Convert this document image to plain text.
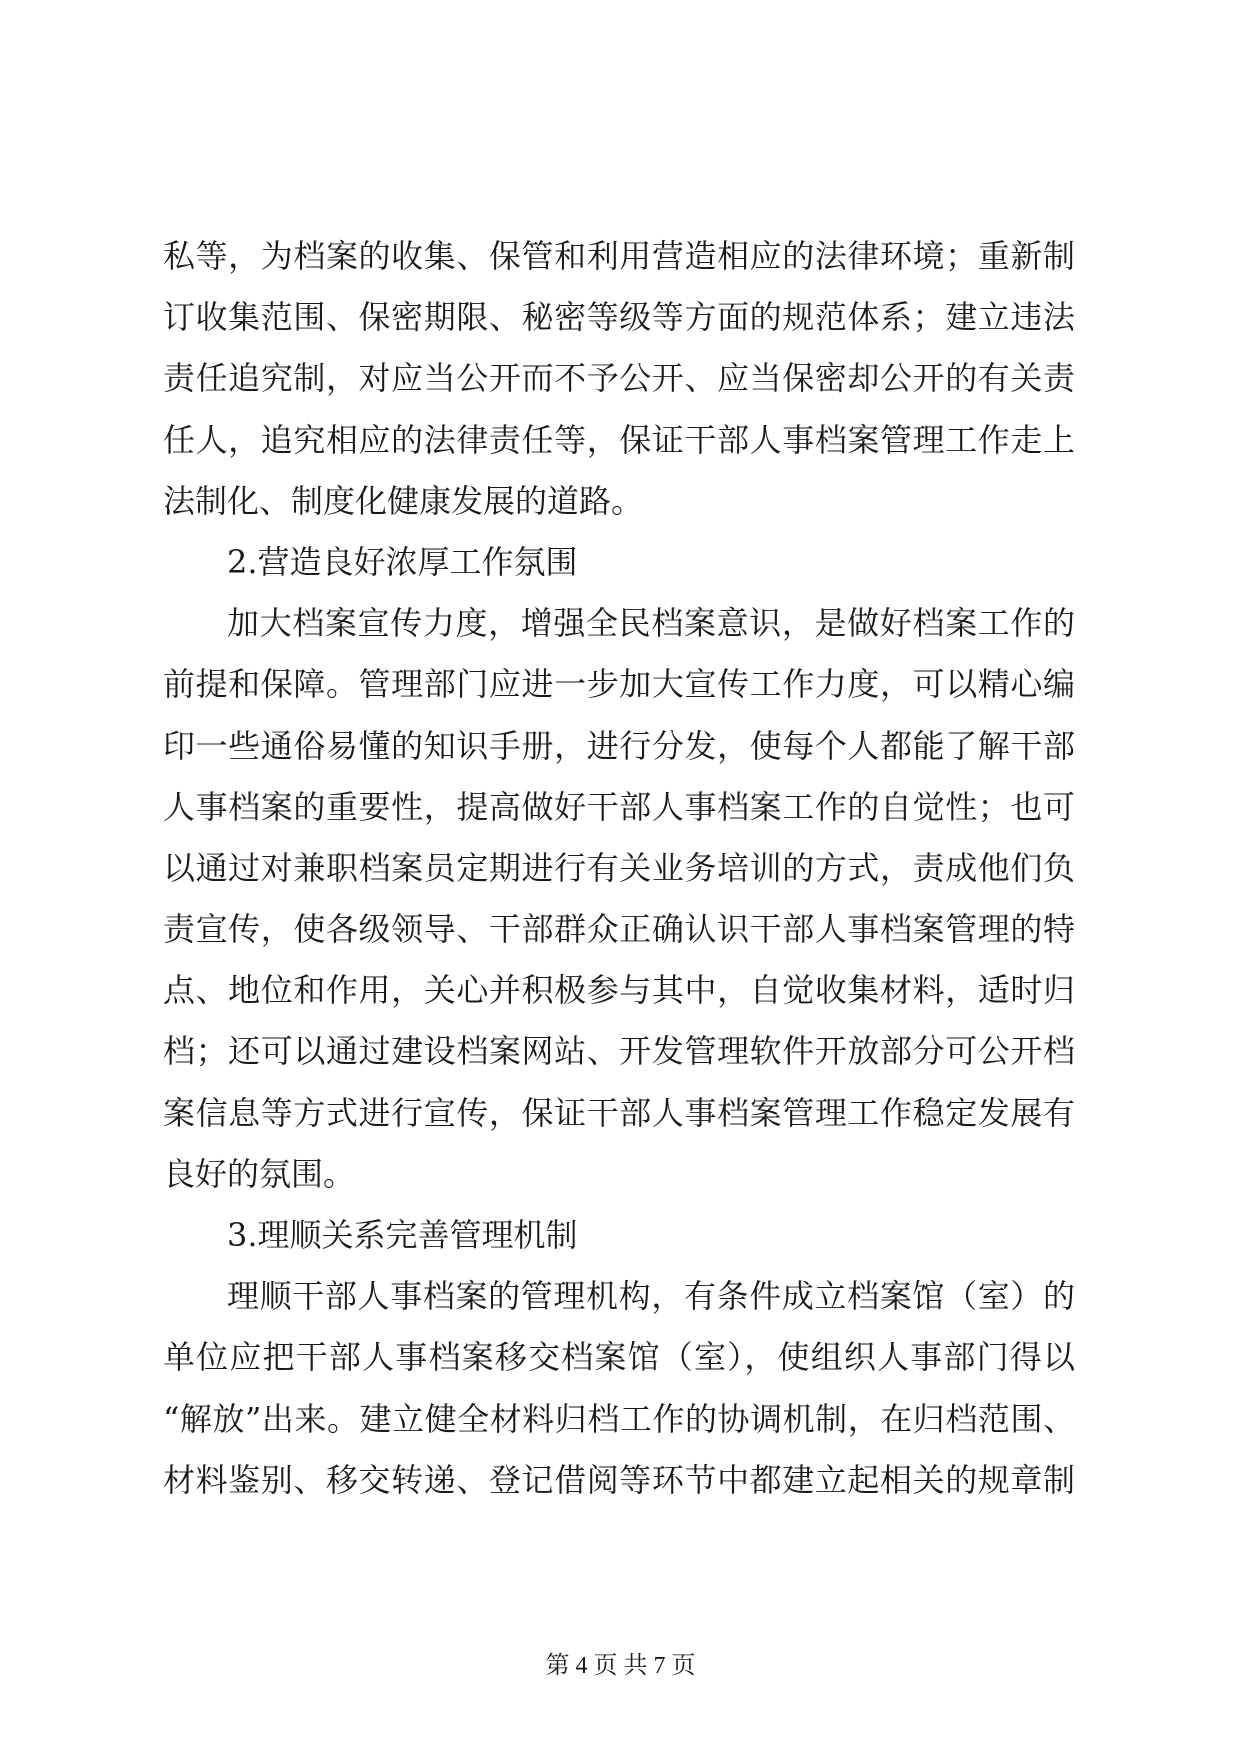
私等，为档案的收集、保管和利用营造相应的法律环境；重新制
订收集范围、保密期限、秘密等级等方面的规范体系；建立违法
责任追究制，对应当公开而不予公开、应当保密却公开的有关责
任人，追究相应的法律责任等，保证干部人事档案管理工作走上
法制化、制度化健康发展的道路。
2.营造良好浓厚工作氛围
加大档案宣传力度，增强全民档案意识，是做好档案工作的
前提和保障。管理部门应进一步加大宣传工作力度，可以精心编
印一些通俗易懂的知识手册，进行分发，使每个人都能了解干部
人事档案的重要性，提高做好干部人事档案工作的自觉性；也可
以通过对兼职档案员定期进行有关业务培训的方式，责成他们负
责宣传，使各级领导、干部群众正确认识干部人事档案管理的特
点、地位和作用，关心并积极参与其中，自觉收集材料，适时归
档；还可以通过建设档案网站、开发管理软件开放部分可公开档
案信息等方式进行宣传，保证干部人事档案管理工作稳定发展有
良好的氛围。
3.理顺关系完善管理机制
理顺干部人事档案的管理机构，有条件成立档案馆（室）的
单位应把干部人事档案移交档案馆（室），使组织人事部门得以
“解放”出来。建立健全材料归档工作的协调机制，在归档范围、
材料鉴别、移交转递、登记借阅等环节中都建立起相关的规章制
第 4 页 共 7 页
